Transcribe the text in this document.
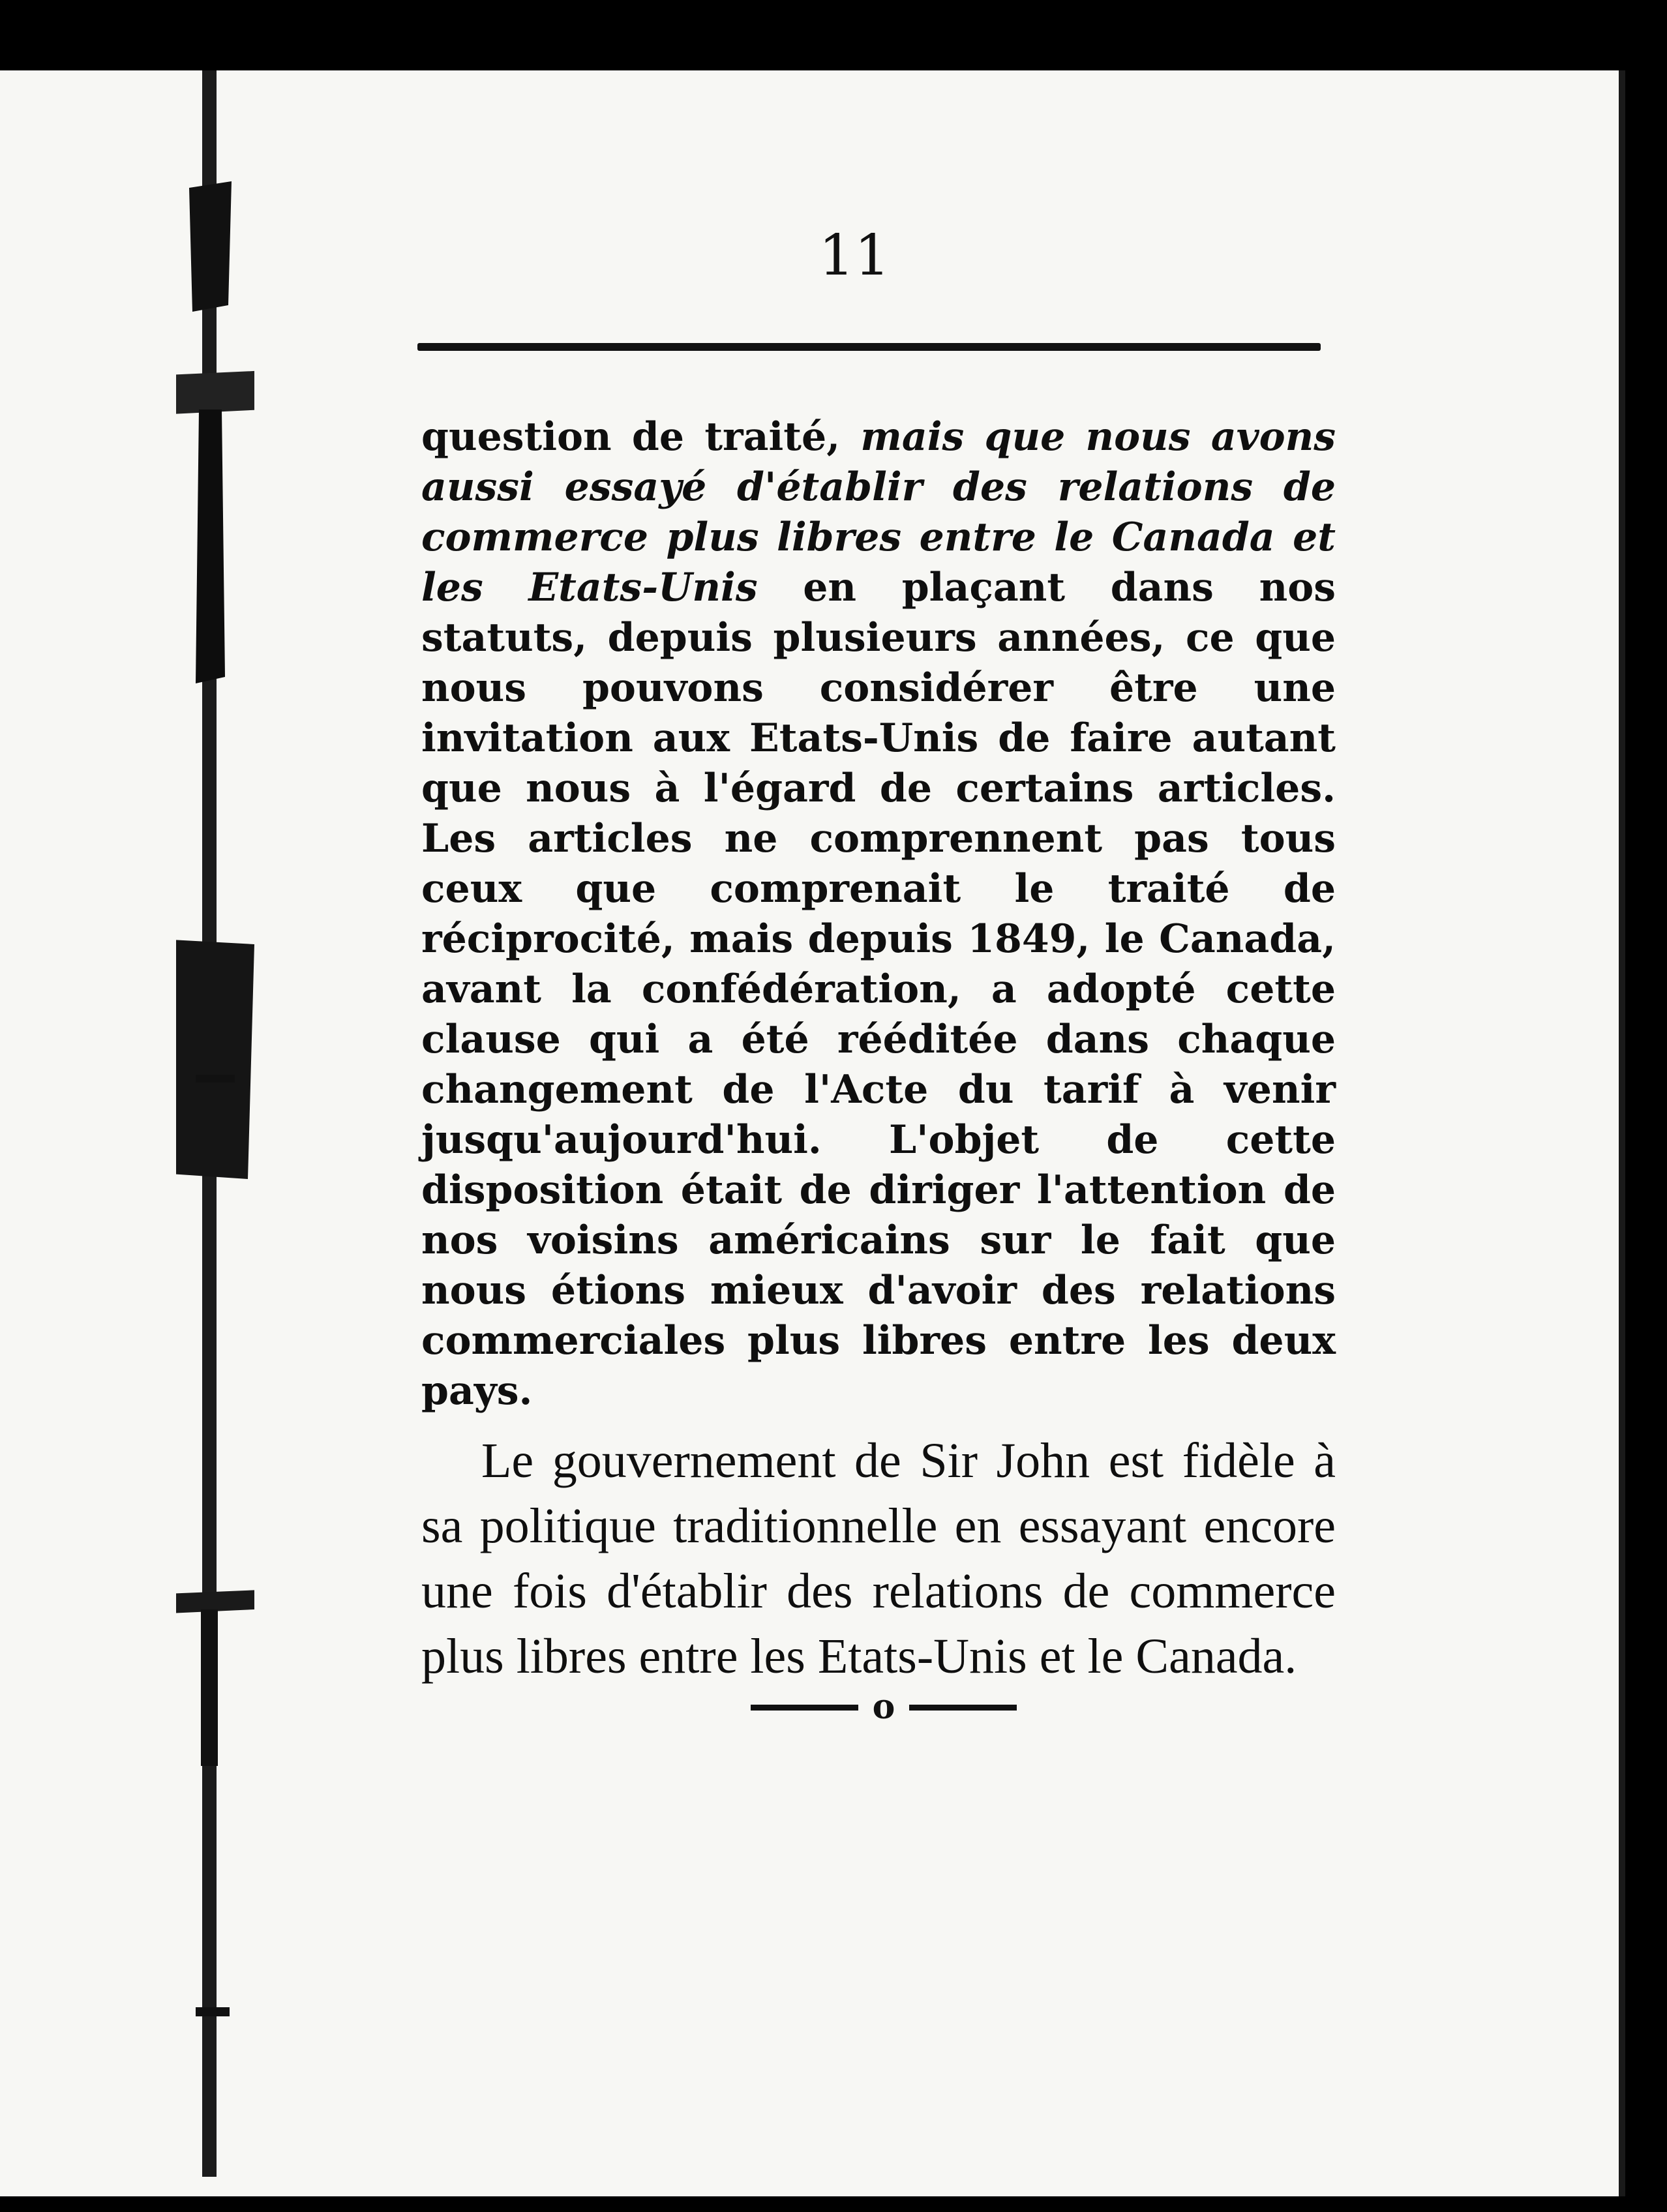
11

question de traité, mais que nous avons aussi essayé d'établir des relations de commerce plus libres entre le Canada et les Etats-Unis en plaçant dans nos statuts, depuis plusieurs années, ce que nous pouvons considérer être une invitation aux Etats-Unis de faire autant que nous à l'égard de certains articles. Les articles ne comprennent pas tous ceux que comprenait le traité de réciprocité, mais depuis 1849, le Canada, avant la confédération, a adopté cette clause qui a été rééditée dans chaque changement de l'Acte du tarif à venir jusqu'aujourd'hui. L'objet de cette disposition était de diriger l'attention de nos voisins américains sur le fait que nous étions mieux d'avoir des relations commerciales plus libres entre les deux pays.

Le gouvernement de Sir John est fidèle à sa politique traditionnelle en essayant encore une fois d'établir des relations de commerce plus libres entre les Etats-Unis et le Canada.

o
